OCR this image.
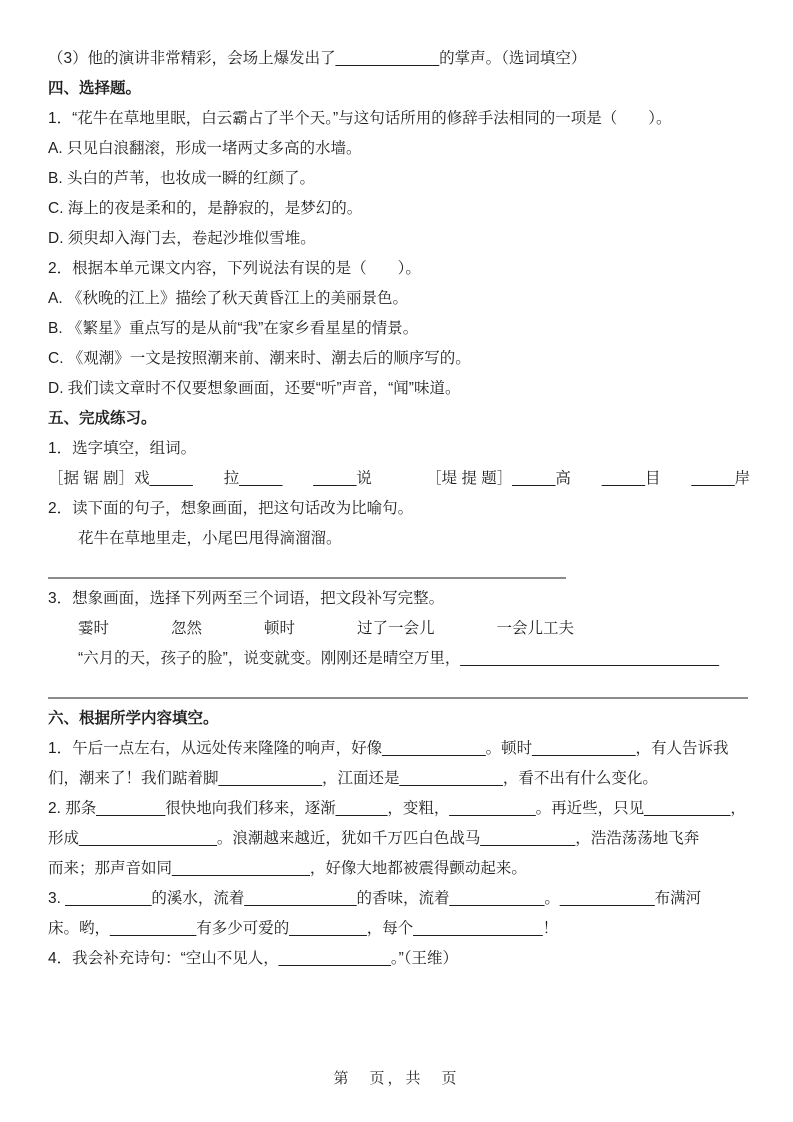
（3）他的演讲非常精彩，会场上爆发出了____________的掌声。（选词填空）

四、选择题。

1．“花牛在草地里眠，白云霸占了半个天。”与这句话所用的修辞手法相同的一项是（　　）。

A. 只见白浪翻滚，形成一堵两丈多高的水墙。

B. 头白的芦苇，也妆成一瞬的红颜了。

C. 海上的夜是柔和的，是静寂的，是梦幻的。

D. 须臾却入海门去，卷起沙堆似雪堆。

2．根据本单元课文内容，下列说法有误的是（　　）。

A. 《秋晚的江上》描绘了秋天黄昏江上的美丽景色。

B. 《繁星》重点写的是从前“我”在家乡看星星的情景。

C. 《观潮》一文是按照潮来前、潮来时、潮去后的顺序写的。

D. 我们读文章时不仅要想象画面，还要“听”声音，“闻”味道。

五、完成练习。

1．选字填空，组词。

［据 锯 剧］戏_____　　拉_____　　_____说　　　　［堤 提 题］_____高　　_____目　　_____岸

2．读下面的句子，想象画面，把这句话改为比喻句。

花牛在草地里走，小尾巴甩得滴溜溜。

3．想象画面，选择下列两至三个词语，把文段补写完整。

霎时　　　　忽然　　　　顿时　　　　过了一会儿　　　　一会儿工夫

“六月的天，孩子的脸”，说变就变。刚刚还是晴空万里，______________________________

六、根据所学内容填空。

1．午后一点左右，从远处传来隆隆的响声，好像____________。顿时____________，有人告诉我

们，潮来了！我们踮着脚____________，江面还是____________，看不出有什么变化。

2. 那条________很快地向我们移来，逐渐______，变粗，__________。再近些，只见__________，

形成________________。浪潮越来越近，犹如千万匹白色战马___________，浩浩荡荡地飞奔

而来；那声音如同________________，好像大地都被震得颤动起来。

3. __________的溪水，流着_____________的香味，流着___________。___________布满河

床。哟，__________有多少可爱的_________，每个_______________！

4．我会补充诗句：“空山不见人，_____________。”（王维）

第　页，共　页
